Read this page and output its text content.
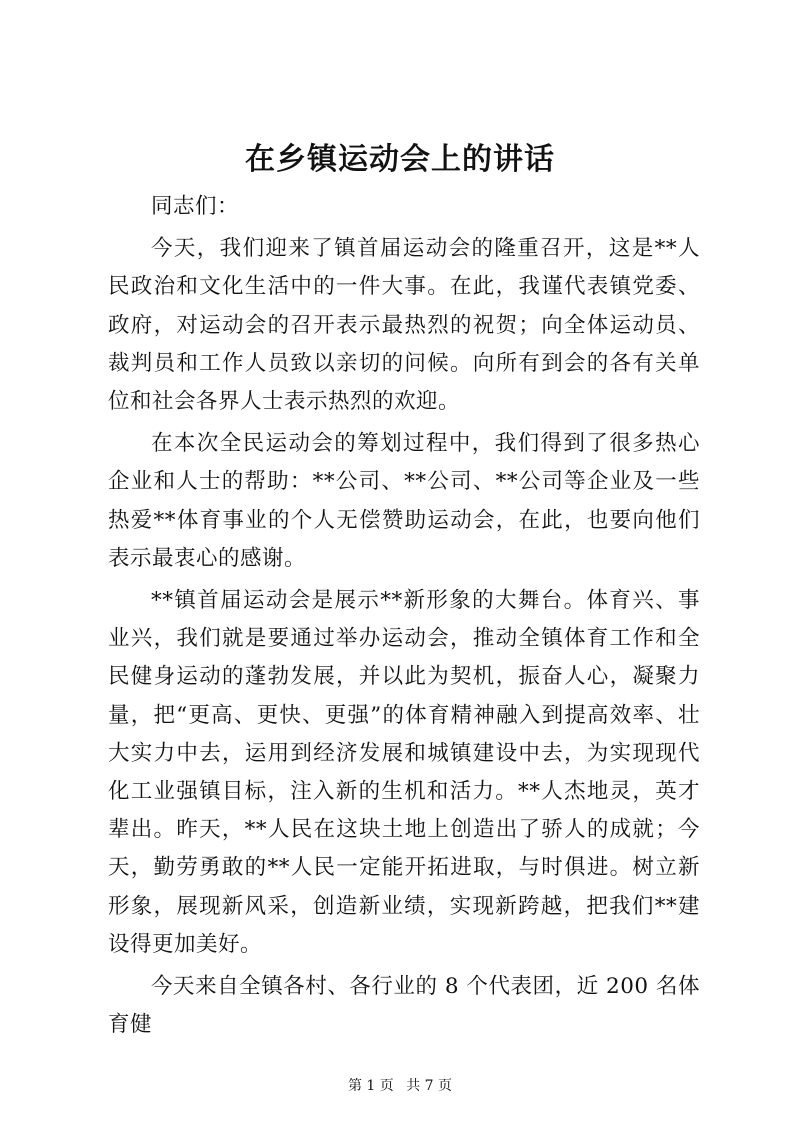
在乡镇运动会上的讲话

同志们：

今天，我们迎来了镇首届运动会的隆重召开，这是**人民政治和文化生活中的一件大事。在此，我谨代表镇党委、政府，对运动会的召开表示最热烈的祝贺；向全体运动员、裁判员和工作人员致以亲切的问候。向所有到会的各有关单位和社会各界人士表示热烈的欢迎。

在本次全民运动会的筹划过程中，我们得到了很多热心企业和人士的帮助：**公司、**公司、**公司等企业及一些热爱**体育事业的个人无偿赞助运动会，在此，也要向他们表示最衷心的感谢。

**镇首届运动会是展示**新形象的大舞台。体育兴、事业兴，我们就是要通过举办运动会，推动全镇体育工作和全民健身运动的蓬勃发展，并以此为契机，振奋人心，凝聚力量，把“更高、更快、更强”的体育精神融入到提高效率、壮大实力中去，运用到经济发展和城镇建设中去，为实现现代化工业强镇目标，注入新的生机和活力。**人杰地灵，英才辈出。昨天，**人民在这块土地上创造出了骄人的成就；今天，勤劳勇敢的**人民一定能开拓进取，与时俱进。树立新形象，展现新风采，创造新业绩，实现新跨越，把我们**建设得更加美好。

今天来自全镇各村、各行业的 8 个代表团，近 200 名体育健

第 1 页 共 7 页
